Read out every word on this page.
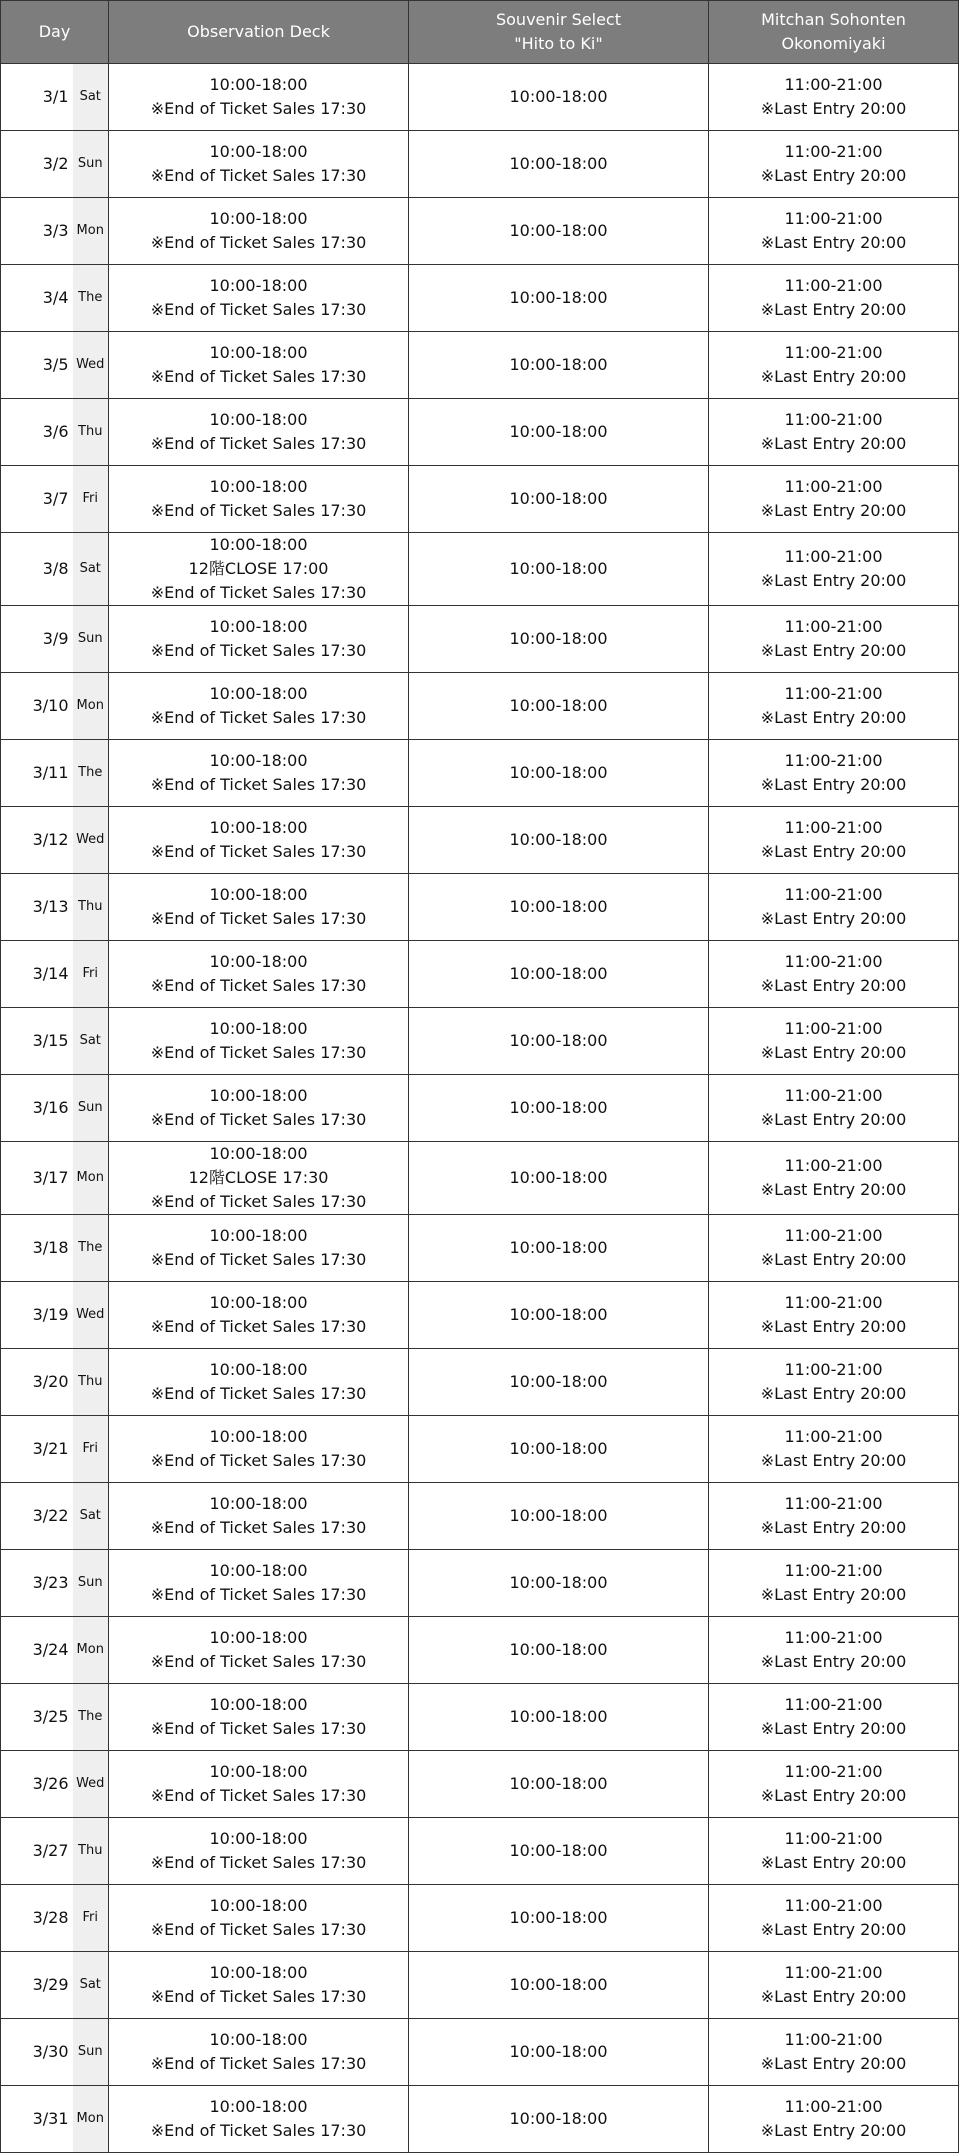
Day		Observation Deck	Souvenir Select
"Hito to Ki"	Mitchan Sohonten
Okonomiyaki

3/1	Sat	10:00-18:00
※End of Ticket Sales 17:30	10:00-18:00	11:00-21:00
※Last Entry 20:00

3/2	Sun	10:00-18:00
※End of Ticket Sales 17:30	10:00-18:00	11:00-21:00
※Last Entry 20:00

3/3	Mon	10:00-18:00
※End of Ticket Sales 17:30	10:00-18:00	11:00-21:00
※Last Entry 20:00

3/4	The	10:00-18:00
※End of Ticket Sales 17:30	10:00-18:00	11:00-21:00
※Last Entry 20:00

3/5	Wed	10:00-18:00
※End of Ticket Sales 17:30	10:00-18:00	11:00-21:00
※Last Entry 20:00

3/6	Thu	10:00-18:00
※End of Ticket Sales 17:30	10:00-18:00	11:00-21:00
※Last Entry 20:00

3/7	Fri	10:00-18:00
※End of Ticket Sales 17:30	10:00-18:00	11:00-21:00
※Last Entry 20:00

3/8	Sat	10:00-18:00
12階CLOSE 17:00
※End of Ticket Sales 17:30	10:00-18:00	11:00-21:00
※Last Entry 20:00

3/9	Sun	10:00-18:00
※End of Ticket Sales 17:30	10:00-18:00	11:00-21:00
※Last Entry 20:00

3/10	Mon	10:00-18:00
※End of Ticket Sales 17:30	10:00-18:00	11:00-21:00
※Last Entry 20:00

3/11	The	10:00-18:00
※End of Ticket Sales 17:30	10:00-18:00	11:00-21:00
※Last Entry 20:00

3/12	Wed	10:00-18:00
※End of Ticket Sales 17:30	10:00-18:00	11:00-21:00
※Last Entry 20:00

3/13	Thu	10:00-18:00
※End of Ticket Sales 17:30	10:00-18:00	11:00-21:00
※Last Entry 20:00

3/14	Fri	10:00-18:00
※End of Ticket Sales 17:30	10:00-18:00	11:00-21:00
※Last Entry 20:00

3/15	Sat	10:00-18:00
※End of Ticket Sales 17:30	10:00-18:00	11:00-21:00
※Last Entry 20:00

3/16	Sun	10:00-18:00
※End of Ticket Sales 17:30	10:00-18:00	11:00-21:00
※Last Entry 20:00

3/17	Mon	10:00-18:00
12階CLOSE 17:30
※End of Ticket Sales 17:30	10:00-18:00	11:00-21:00
※Last Entry 20:00

3/18	The	10:00-18:00
※End of Ticket Sales 17:30	10:00-18:00	11:00-21:00
※Last Entry 20:00

3/19	Wed	10:00-18:00
※End of Ticket Sales 17:30	10:00-18:00	11:00-21:00
※Last Entry 20:00

3/20	Thu	10:00-18:00
※End of Ticket Sales 17:30	10:00-18:00	11:00-21:00
※Last Entry 20:00

3/21	Fri	10:00-18:00
※End of Ticket Sales 17:30	10:00-18:00	11:00-21:00
※Last Entry 20:00

3/22	Sat	10:00-18:00
※End of Ticket Sales 17:30	10:00-18:00	11:00-21:00
※Last Entry 20:00

3/23	Sun	10:00-18:00
※End of Ticket Sales 17:30	10:00-18:00	11:00-21:00
※Last Entry 20:00

3/24	Mon	10:00-18:00
※End of Ticket Sales 17:30	10:00-18:00	11:00-21:00
※Last Entry 20:00

3/25	The	10:00-18:00
※End of Ticket Sales 17:30	10:00-18:00	11:00-21:00
※Last Entry 20:00

3/26	Wed	10:00-18:00
※End of Ticket Sales 17:30	10:00-18:00	11:00-21:00
※Last Entry 20:00

3/27	Thu	10:00-18:00
※End of Ticket Sales 17:30	10:00-18:00	11:00-21:00
※Last Entry 20:00

3/28	Fri	10:00-18:00
※End of Ticket Sales 17:30	10:00-18:00	11:00-21:00
※Last Entry 20:00

3/29	Sat	10:00-18:00
※End of Ticket Sales 17:30	10:00-18:00	11:00-21:00
※Last Entry 20:00

3/30	Sun	10:00-18:00
※End of Ticket Sales 17:30	10:00-18:00	11:00-21:00
※Last Entry 20:00

3/31	Mon	10:00-18:00
※End of Ticket Sales 17:30	10:00-18:00	11:00-21:00
※Last Entry 20:00
